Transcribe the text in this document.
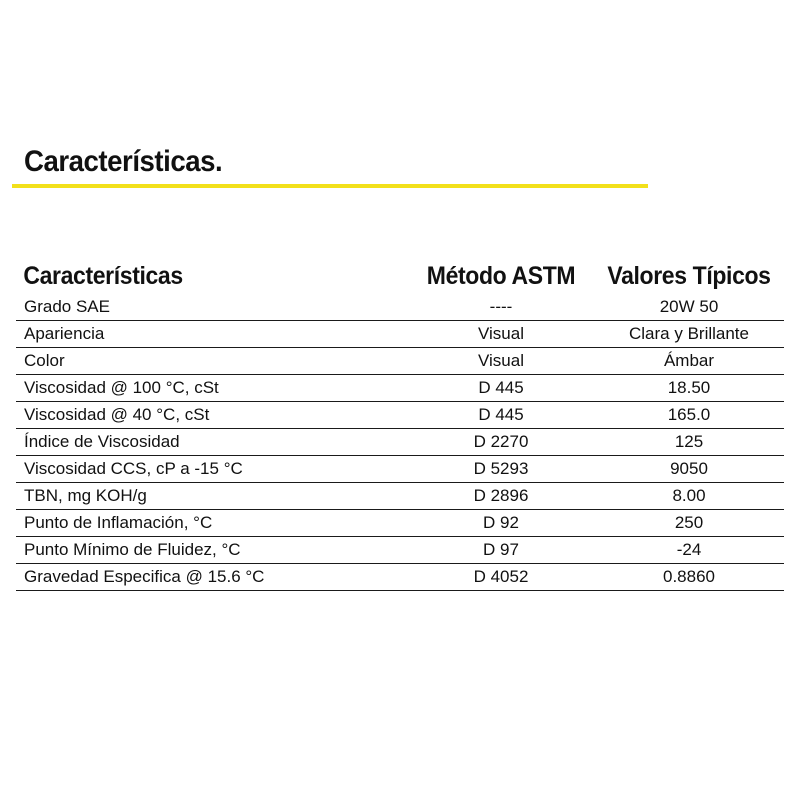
Características.
Características	Método ASTM	Valores Típicos
Grado SAE	----	20W 50
Apariencia	Visual	Clara y Brillante
Color	Visual	Ámbar
Viscosidad @ 100 °C, cSt	D 445	18.50
Viscosidad @ 40 °C, cSt	D 445	165.0
Índice de Viscosidad	D 2270	125
Viscosidad CCS, cP a -15 °C	D 5293	9050
TBN, mg KOH/g	D 2896	8.00
Punto de Inflamación, °C	D 92	250
Punto Mínimo de Fluidez, °C	D 97	-24
Gravedad Especifica @ 15.6 °C	D 4052	0.8860
